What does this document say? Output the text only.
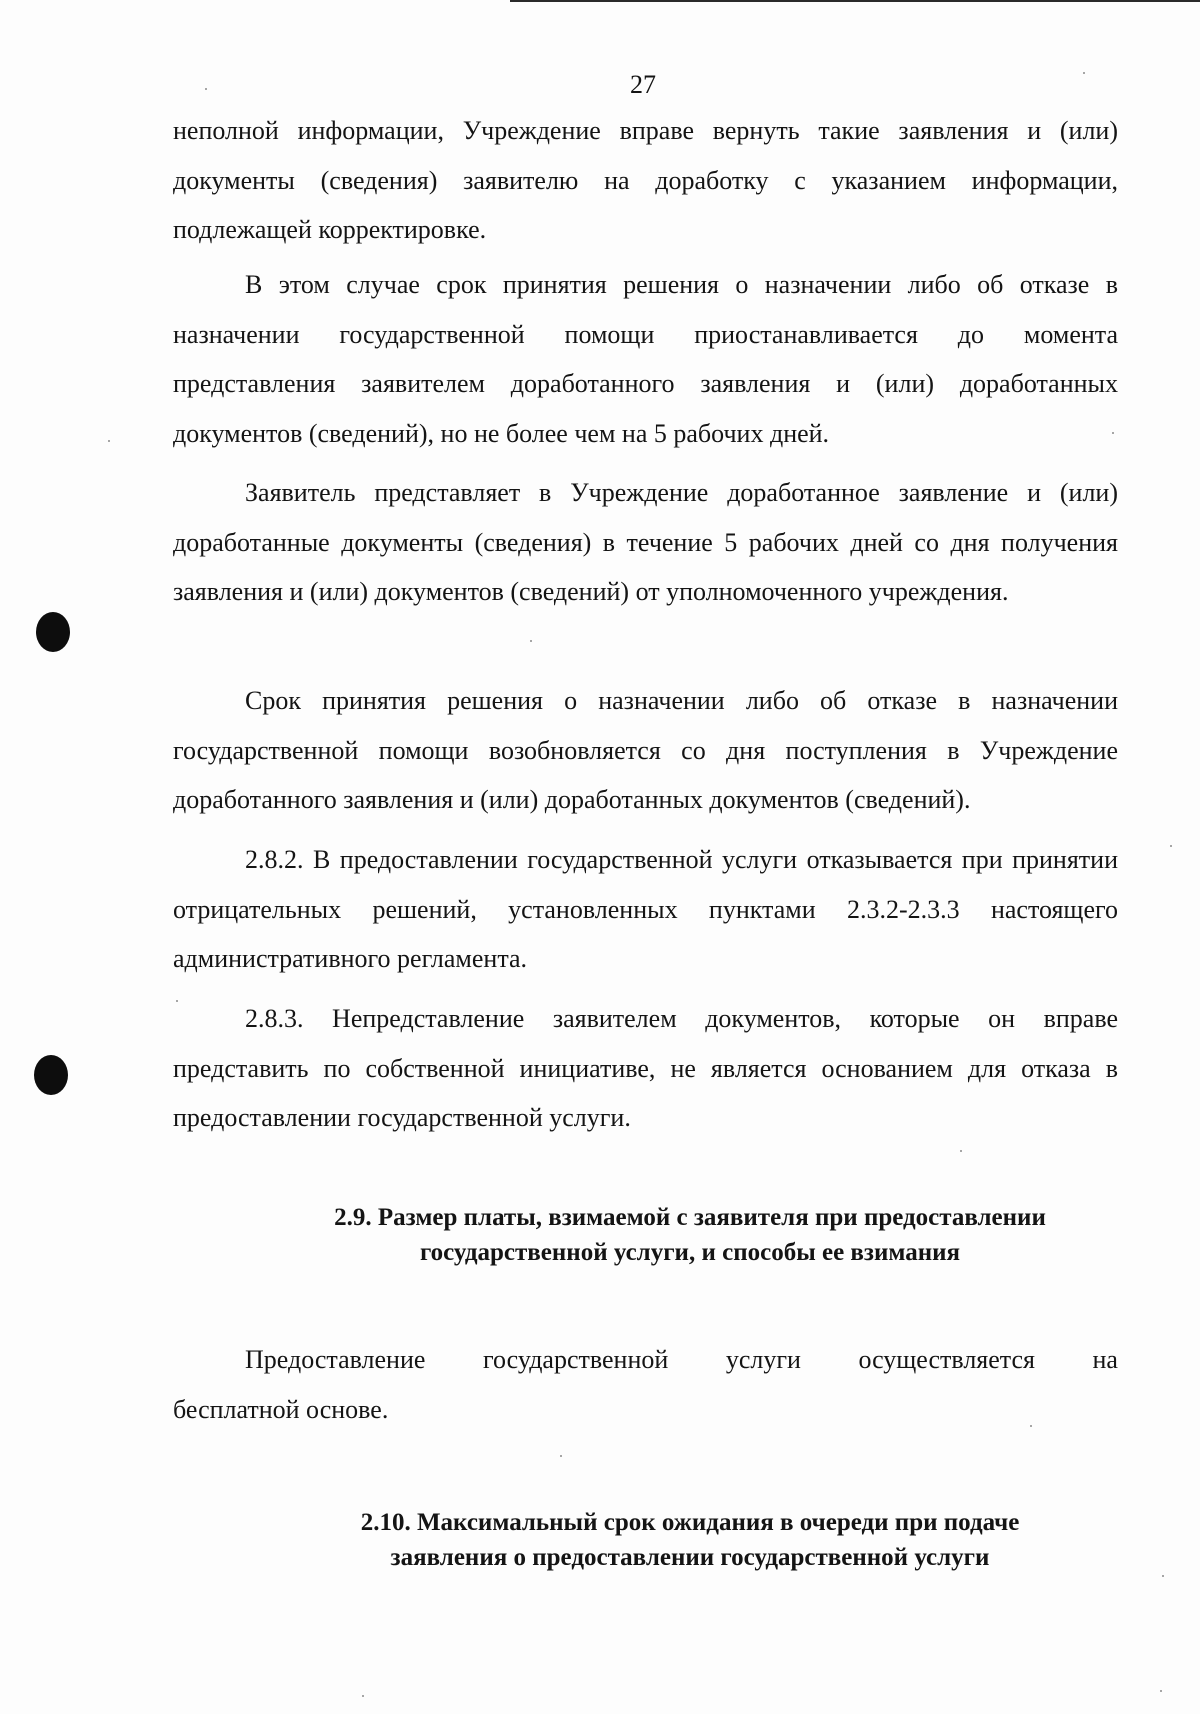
27

неполной информации, Учреждение вправе вернуть такие заявления и (или) документы (сведения) заявителю на доработку с указанием информации, подлежащей корректировке.

В этом случае срок принятия решения о назначении либо об отказе в назначении государственной помощи приостанавливается до момента представления заявителем доработанного заявления и (или) доработанных документов (сведений), но не более чем на 5 рабочих дней.

Заявитель представляет в Учреждение доработанное заявление и (или) доработанные документы (сведения) в течение 5 рабочих дней со дня получения заявления и (или) документов (сведений) от уполномоченного учреждения.

Срок принятия решения о назначении либо об отказе в назначении государственной помощи возобновляется со дня поступления в Учреждение доработанного заявления и (или) доработанных документов (сведений).

2.8.2. В предоставлении государственной услуги отказывается при принятии отрицательных решений, установленных пунктами 2.3.2-2.3.3 настоящего административного регламента.

2.8.3. Непредставление заявителем документов, которые он вправе представить по собственной инициативе, не является основанием для отказа в предоставлении государственной услуги.

2.9. Размер платы, взимаемой с заявителя при предоставлении
государственной услуги, и способы ее взимания
Предоставление государственной услуги осуществляется на
бесплатной основе.
2.10. Максимальный срок ожидания в очереди при подаче
заявления о предоставлении государственной услуги
